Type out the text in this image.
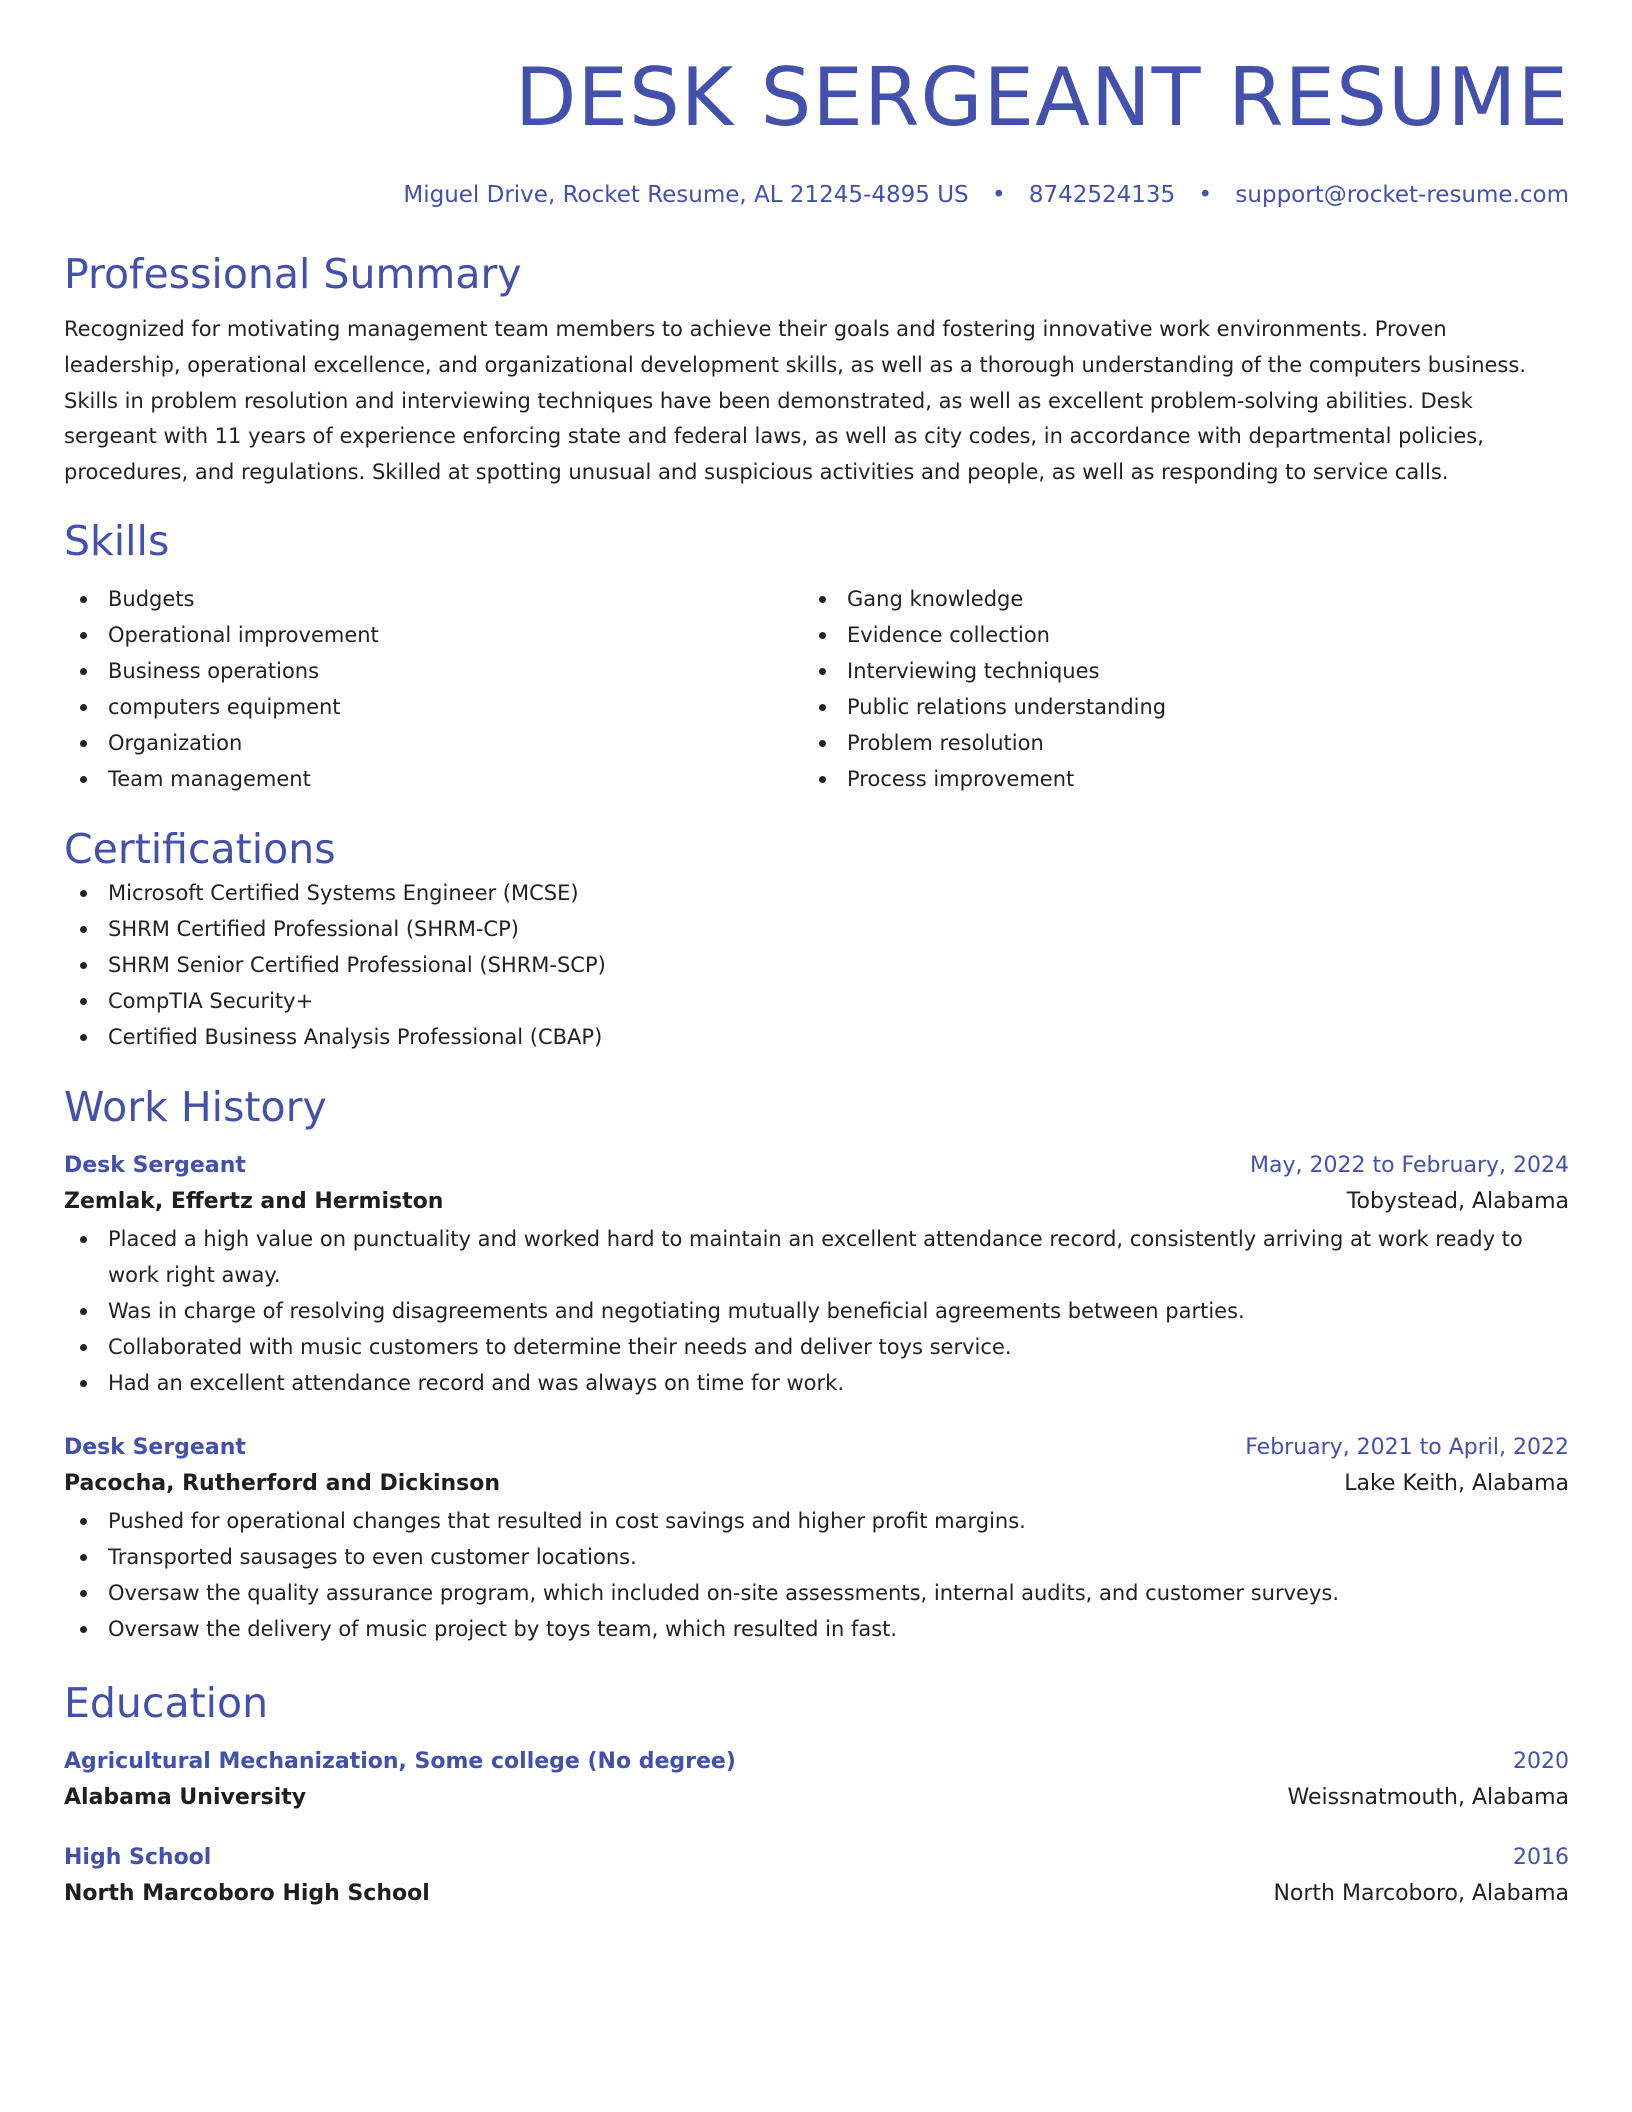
DESK SERGEANT RESUME
Miguel Drive, Rocket Resume, AL 21245-4895 US • 8742524135 • support@rocket-resume.com
Professional Summary

Recognized for motivating management team members to achieve their goals and fostering innovative work environments. Proven leadership, operational excellence, and organizational development skills, as well as a thorough understanding of the computers business. Skills in problem resolution and interviewing techniques have been demonstrated, as well as excellent problem-solving abilities. Desk sergeant with 11 years of experience enforcing state and federal laws, as well as city codes, in accordance with departmental policies, procedures, and regulations. Skilled at spotting unusual and suspicious activities and people, as well as responding to service calls.

Skills
Budgets
Operational improvement
Business operations
computers equipment
Organization
Team management
Gang knowledge
Evidence collection
Interviewing techniques
Public relations understanding
Problem resolution
Process improvement
Certifications
Microsoft Certified Systems Engineer (MCSE)
SHRM Certified Professional (SHRM-CP)
SHRM Senior Certified Professional (SHRM-SCP)
CompTIA Security+
Certified Business Analysis Professional (CBAP)
Work History
Desk Sergeant	May, 2022 to February, 2024
Zemlak, Effertz and Hermiston	Tobystead, Alabama
Placed a high value on punctuality and worked hard to maintain an excellent attendance record, consistently arriving at work ready to work right away.
Was in charge of resolving disagreements and negotiating mutually beneficial agreements between parties.
Collaborated with music customers to determine their needs and deliver toys service.
Had an excellent attendance record and was always on time for work.
Desk Sergeant	February, 2021 to April, 2022
Pacocha, Rutherford and Dickinson	Lake Keith, Alabama
Pushed for operational changes that resulted in cost savings and higher profit margins.
Transported sausages to even customer locations.
Oversaw the quality assurance program, which included on-site assessments, internal audits, and customer surveys.
Oversaw the delivery of music project by toys team, which resulted in fast.
Education
Agricultural Mechanization, Some college (No degree)	2020
Alabama University	Weissnatmouth, Alabama
High School	2016
North Marcoboro High School	North Marcoboro, Alabama
